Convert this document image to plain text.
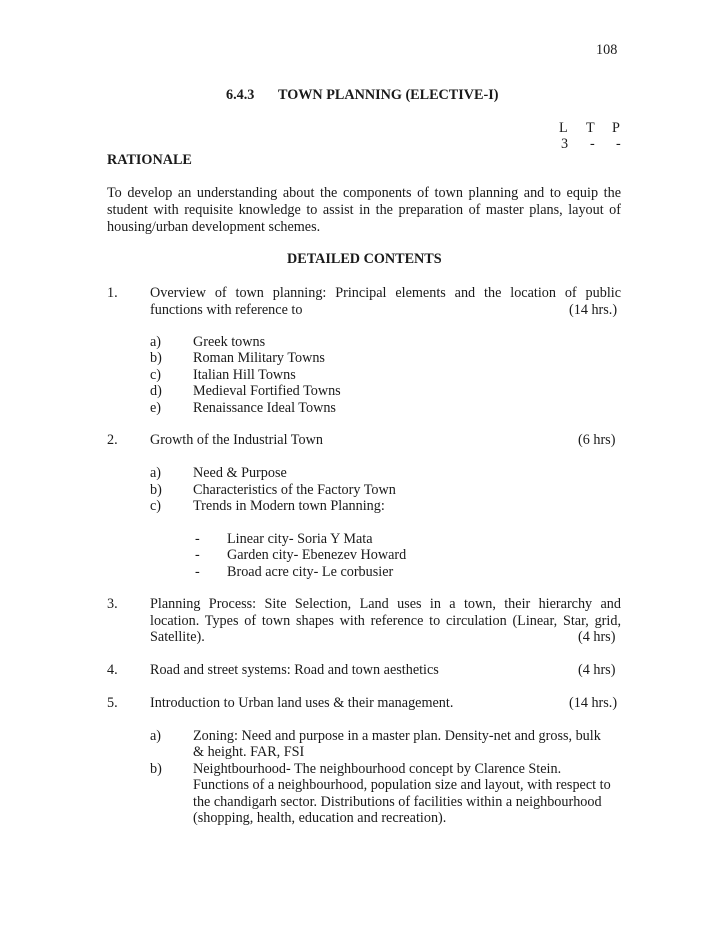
108
6.4.3 TOWN PLANNING (ELECTIVE-I)
L T P
3 - -
RATIONALE
To develop an understanding about the components of town planning and to equip the
student with requisite knowledge to assist in the preparation of master plans, layout of
housing/urban development schemes.
DETAILED CONTENTS
1. Overview of town planning: Principal elements and the location of public
functions with reference to	(14 hrs.)
a) Greek towns
b) Roman Military Towns
c) Italian Hill Towns
d) Medieval Fortified Towns
e) Renaissance Ideal Towns
2. Growth of the Industrial Town	(6 hrs)
a) Need & Purpose
b) Characteristics of the Factory Town
c) Trends in Modern town Planning:
- Linear city- Soria Y Mata
- Garden city- Ebenezev Howard
- Broad acre city- Le corbusier
3. Planning Process: Site Selection, Land uses in a town, their hierarchy and
location. Types of town shapes with reference to circulation (Linear, Star, grid,
Satellite).	(4 hrs)
4. Road and street systems: Road and town aesthetics	(4 hrs)
5. Introduction to Urban land uses & their management.	(14 hrs.)
a) Zoning: Need and purpose in a master plan. Density-net and gross, bulk
& height. FAR, FSI
b) Neightbourhood- The neighbourhood concept by Clarence Stein.
Functions of a neighbourhood, population size and layout, with respect to
the chandigarh sector. Distributions of facilities within a neighbourhood
(shopping, health, education and recreation).
